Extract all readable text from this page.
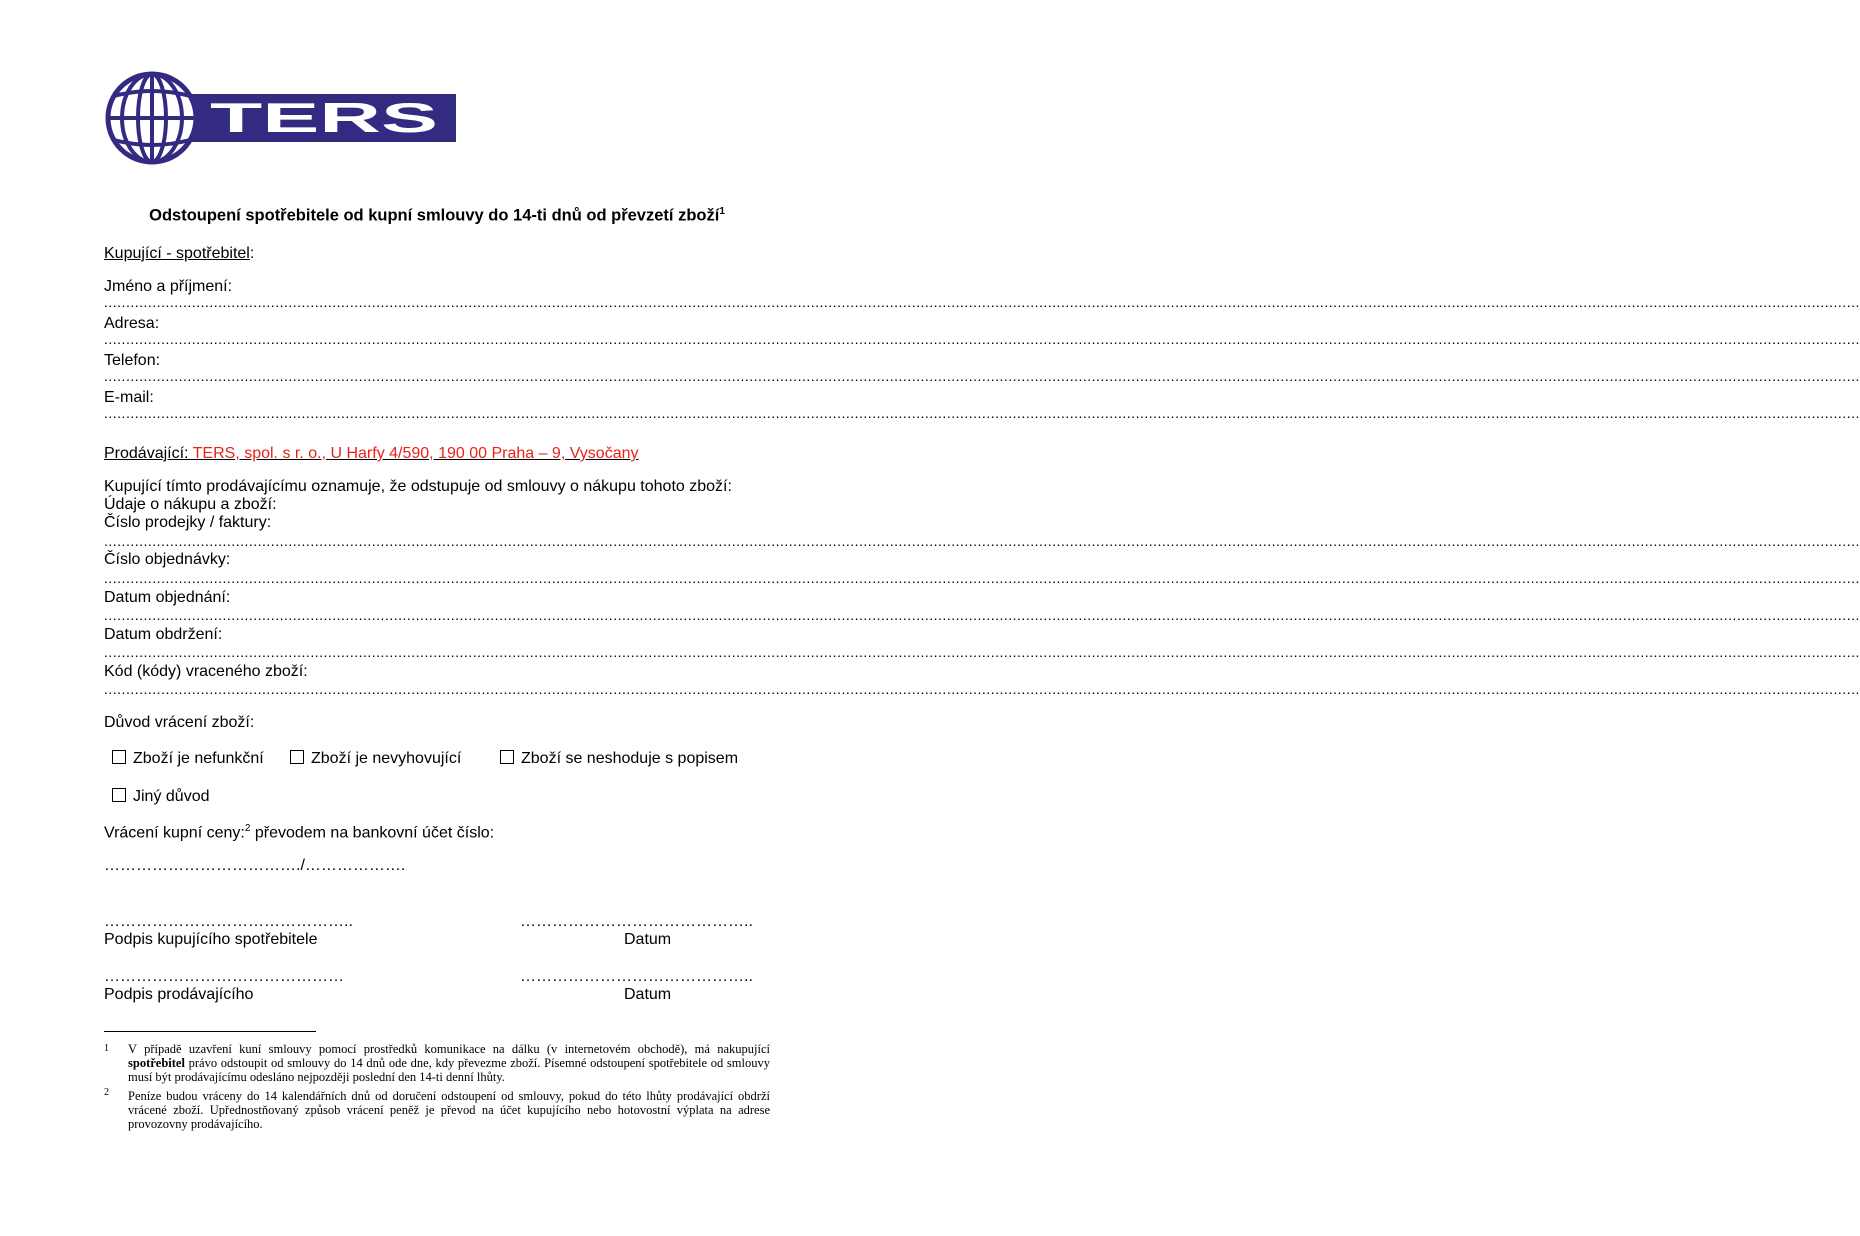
TERS
Odstoupení spotřebitele od kupní smlouvy do 14-ti dnů od převzetí zboží$^1$
Kupující - spotřebitel:
Jméno a příjmení:
................................................................................................................................................................................................................................................................................................................................................................................................................
Adresa:
................................................................................................................................................................................................................................................................................................................................................................................................................
Telefon:
................................................................................................................................................................................................................................................................................................................................................................................................................
E-mail:
................................................................................................................................................................................................................................................................................................................................................................................................................
Prodávající: TERS, spol. s r. o., U Harfy 4/590, 190 00 Praha – 9, Vysočany
Kupující tímto prodávajícímu oznamuje, že odstupuje od smlouvy o nákupu tohoto zboží:
Údaje o nákupu a zboží:
Číslo prodejky / faktury:
................................................................................................................................................................................................................................................................................................................................................................................................................
Číslo objednávky:
................................................................................................................................................................................................................................................................................................................................................................................................................
Datum objednání:
................................................................................................................................................................................................................................................................................................................................................................................................................
Datum obdržení:
................................................................................................................................................................................................................................................................................................................................................................................................................
Kód (kódy) vraceného zboží:
................................................................................................................................................................................................................................................................................................................................................................................................................
Důvod vrácení zboží:
Zboží je nefunkční	Zboží je nevyhovující	Zboží se neshoduje s popisem
Jiný důvod
Vrácení kupní ceny:$^2$ převodem na bankovní účet číslo:
………………………………./……………….
………………………………………..
Podpis kupujícího spotřebitele
……………………………………..
Datum
………………………………………
Podpis prodávajícího
……………………………………..
Datum
1 V případě uzavření kuní smlouvy pomocí prostředků komunikace na dálku (v internetovém obchodě), má nakupující spotřebitel právo odstoupit od smlouvy do 14 dnů ode dne, kdy převezme zboží. Písemné odstoupení spotřebitele od smlouvy musí být prodávajícímu odesláno nejpozději poslední den 14-ti denní lhůty.
2 Peníze budou vráceny do 14 kalendářních dnů od doručení odstoupení od smlouvy, pokud do této lhůty prodávající obdrží vrácené zboží. Upřednostňovaný způsob vrácení peněž je převod na účet kupujícího nebo hotovostní výplata na adrese provozovny prodávajícího.
